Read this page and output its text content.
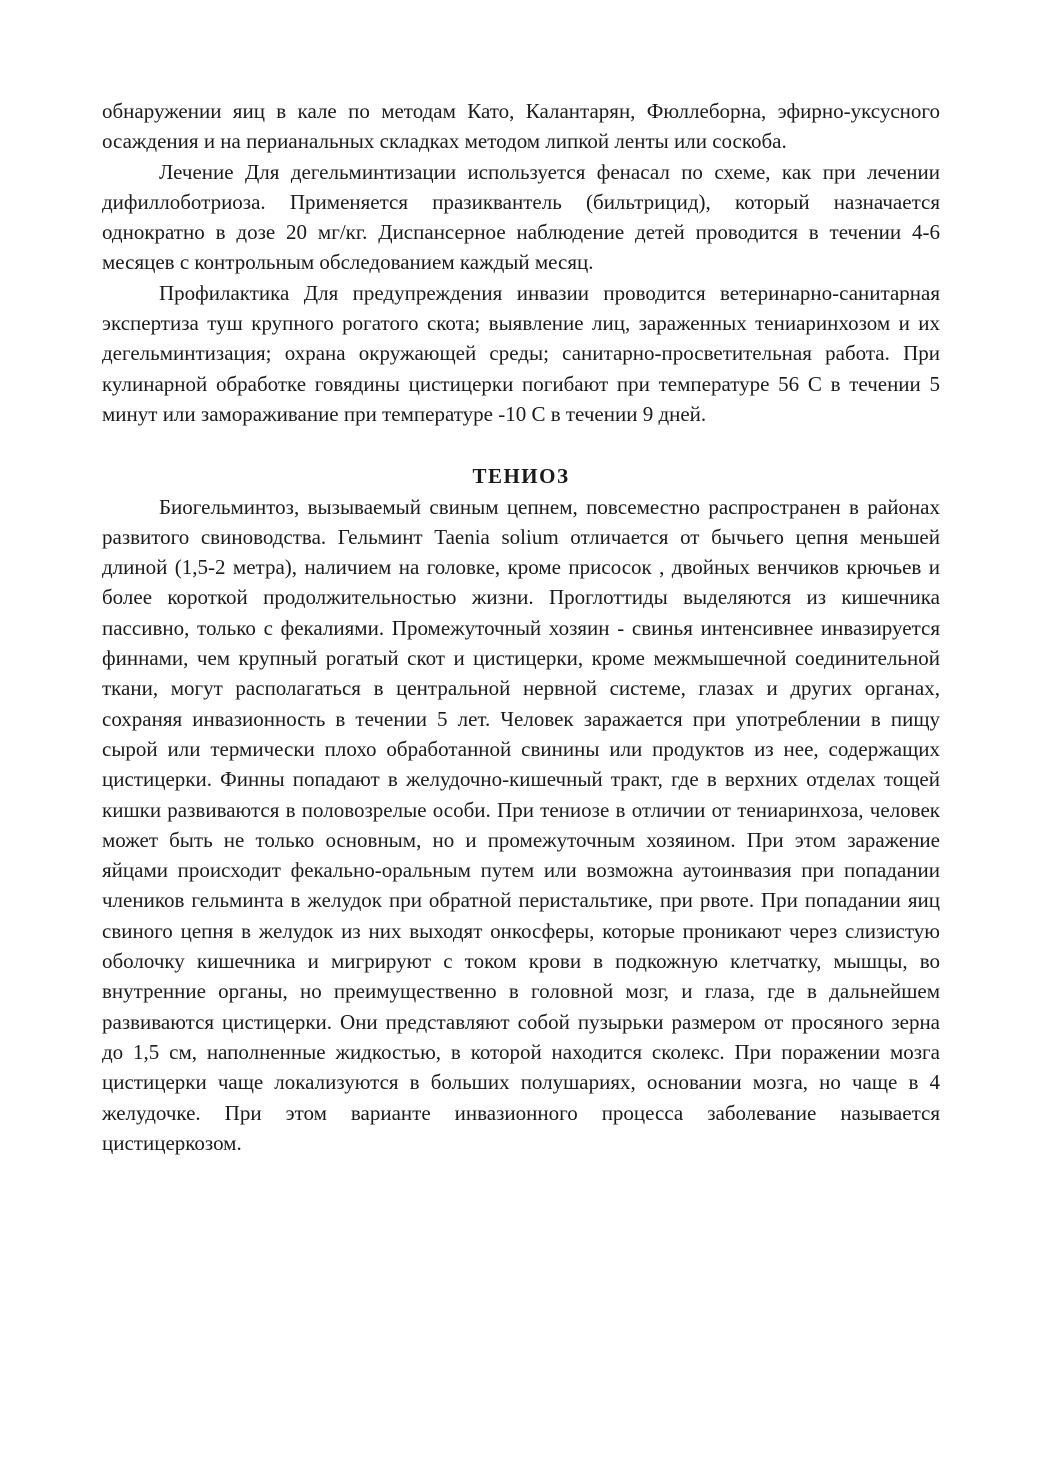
обнаружении яиц в кале по методам Като, Калантарян, Фюллеборна, эфирно-уксусного осаждения и на перианальных складках методом липкой ленты или соскоба.

Лечение Для дегельминтизации используется фенасал по схеме, как при лечении дифиллоботриоза. Применяется празиквантель (бильтрицид), который назначается однократно в дозе 20 мг/кг. Диспансерное наблюдение детей проводится в течении 4-6 месяцев с контрольным обследованием каждый месяц.

Профилактика Для предупреждения инвазии проводится ветеринарно-санитарная экспертиза туш крупного рогатого скота; выявление лиц, зараженных тениаринхозом и их дегельминтизация; охрана окружающей среды; санитарно-просветительная работа. При кулинарной обработке говядины цистицерки погибают при температуре 56 С в течении 5 минут или замораживание при температуре -10 С в течении 9 дней.

ТЕНИОЗ

Биогельминтоз, вызываемый свиным цепнем, повсеместно распространен в районах развитого свиноводства. Гельминт Taenia solium отличается от бычьего цепня меньшей длиной (1,5-2 метра), наличием на головке, кроме присосок , двойных венчиков крючьев и более короткой продолжительностью жизни. Проглоттиды выделяются из кишечника пассивно, только с фекалиями. Промежуточный хозяин - свинья интенсивнее инвазируется финнами, чем крупный рогатый скот и цистицерки, кроме межмышечной соединительной ткани, могут располагаться в центральной нервной системе, глазах и других органах, сохраняя инвазионность в течении 5 лет. Человек заражается при употреблении в пищу сырой или термически плохо обработанной свинины или продуктов из нее, содержащих цистицерки. Финны попадают в желудочно-кишечный тракт, где в верхних отделах тощей кишки развиваются в половозрелые особи. При тениозе в отличии от тениаринхоза, человек может быть не только основным, но и промежуточным хозяином. При этом заражение яйцами происходит фекально-оральным путем или возможна аутоинвазия при попадании члеников гельминта в желудок при обратной перистальтике, при рвоте. При попадании яиц свиного цепня в желудок из них выходят онкосферы, которые проникают через слизистую оболочку кишечника и мигрируют с током крови в подкожную клетчатку, мышцы, во внутренние органы, но преимущественно в головной мозг, и глаза, где в дальнейшем развиваются цистицерки. Они представляют собой пузырьки размером от просяного зерна до 1,5 см, наполненные жидкостью, в которой находится сколекс. При поражении мозга цистицерки чаще локализуются в больших полушариях, основании мозга, но чаще в 4 желудочке. При этом варианте инвазионного процесса заболевание называется цистицеркозом.
